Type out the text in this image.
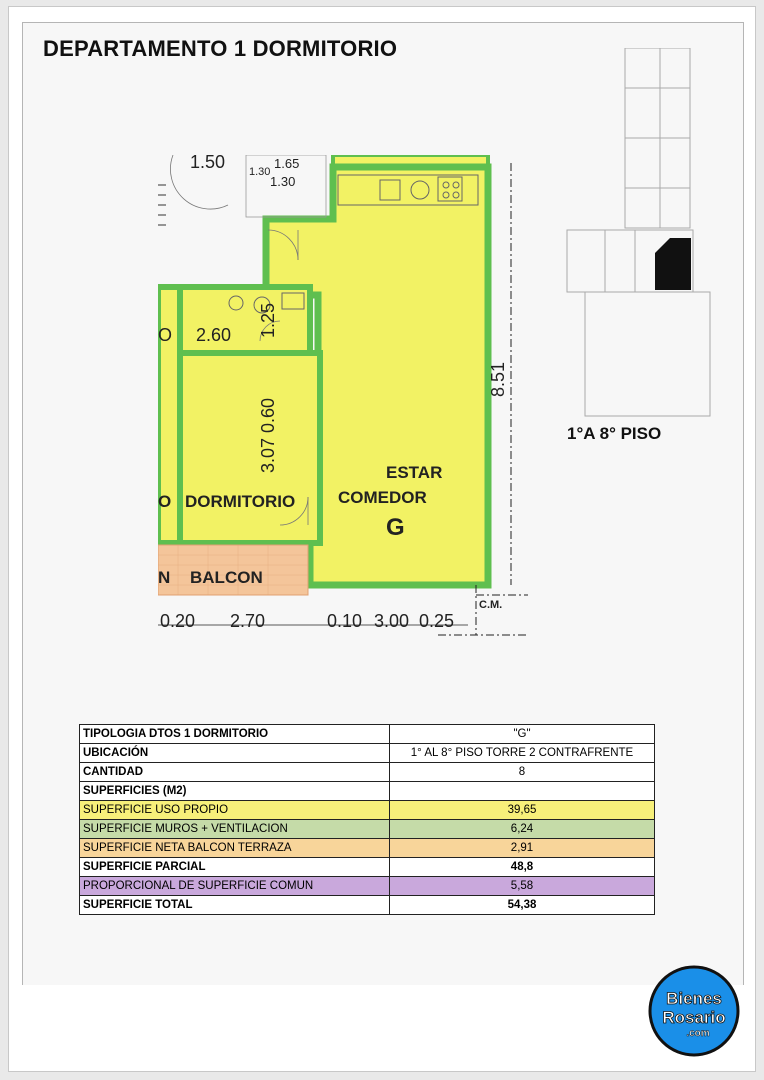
DEPARTAMENTO 1 DORMITORIO
1.50 1.30
1.65
1.30
2.60 1.25
3.07 0.60
8.51
0.20 2.70	0.10 3.00 0.25
C.M.
ESTAR
COMEDOR
G
DORMITORIO
O
BALCON
N
O
1°A 8° PISO
TIPOLOGIA DTOS 1 DORMITORIO	"G"
UBICACIÓN	1° AL 8° PISO TORRE 2 CONTRAFRENTE
CANTIDAD	8
SUPERFICIES (M2)	
SUPERFICIE USO PROPIO	39,65
SUPERFICIE MUROS + VENTILACION	6,24
SUPERFICIE NETA BALCON TERRAZA	2,91
SUPERFICIE PARCIAL	48,8
PROPORCIONAL DE SUPERFICIE COMUN	5,58
SUPERFICIE TOTAL	54,38
Bienes
Rosario
.com
